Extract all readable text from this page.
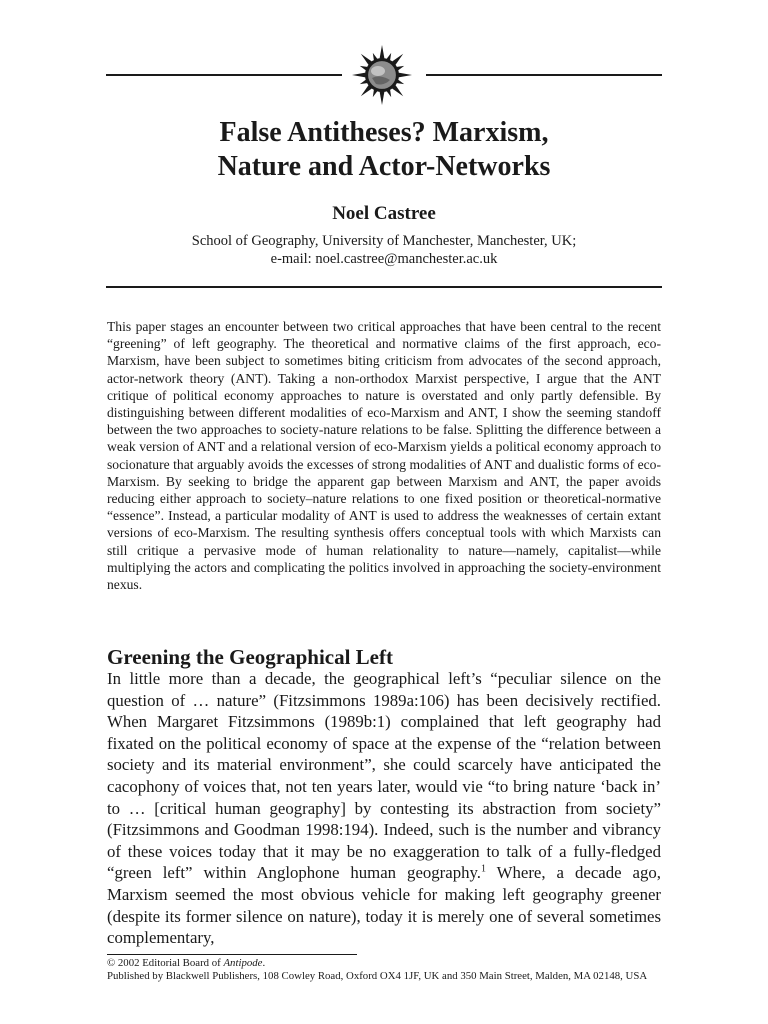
False Antitheses? Marxism,
Nature and Actor-Networks
Noel Castree
School of Geography, University of Manchester, Manchester, UK;
e-mail: noel.castree@manchester.ac.uk

This paper stages an encounter between two critical approaches that have been central to the recent “greening” of left geography. The theoretical and normative claims of the first approach, eco-Marxism, have been subject to sometimes biting criticism from advocates of the second approach, actor-network theory (ANT). Taking a non-orthodox Marxist perspective, I argue that the ANT critique of political economy approaches to nature is overstated and only partly defensible. By distinguishing between different modalities of eco-Marxism and ANT, I show the seeming standoff between the two approaches to society-nature relations to be false. Splitting the difference between a weak version of ANT and a relational version of eco-Marxism yields a political economy approach to socionature that arguably avoids the excesses of strong modalities of ANT and dualistic forms of eco-Marxism. By seeking to bridge the apparent gap between Marxism and ANT, the paper avoids reducing either approach to society–nature relations to one fixed position or theoretical-normative “essence”. Instead, a particular modality of ANT is used to address the weaknesses of certain extant versions of eco-Marxism. The resulting synthesis offers conceptual tools with which Marxists can still critique a pervasive mode of human relationality to nature—namely, capitalist—while multiplying the actors and complicating the politics involved in approaching the society-environment nexus.

Greening the Geographical Left

In little more than a decade, the geographical left’s “peculiar silence on the question of … nature” (Fitzsimmons 1989a:106) has been decisively rectified. When Margaret Fitzsimmons (1989b:1) complained that left geography had fixated on the political economy of space at the expense of the “relation between society and its material environment”, she could scarcely have anticipated the cacophony of voices that, not ten years later, would vie “to bring nature ‘back in’ to … [critical human geography] by contesting its abstraction from society” (Fitzsimmons and Goodman 1998:194). Indeed, such is the number and vibrancy of these voices today that it may be no exaggeration to talk of a fully-fledged “green left” within Anglophone human geography.$^1$ Where, a decade ago, Marxism seemed the most obvious vehicle for making left geography greener (despite its former silence on nature), today it is merely one of several sometimes complementary,

© 2002 Editorial Board of Antipode.
Published by Blackwell Publishers, 108 Cowley Road, Oxford OX4 1JF, UK and 350 Main Street, Malden, MA 02148, USA
